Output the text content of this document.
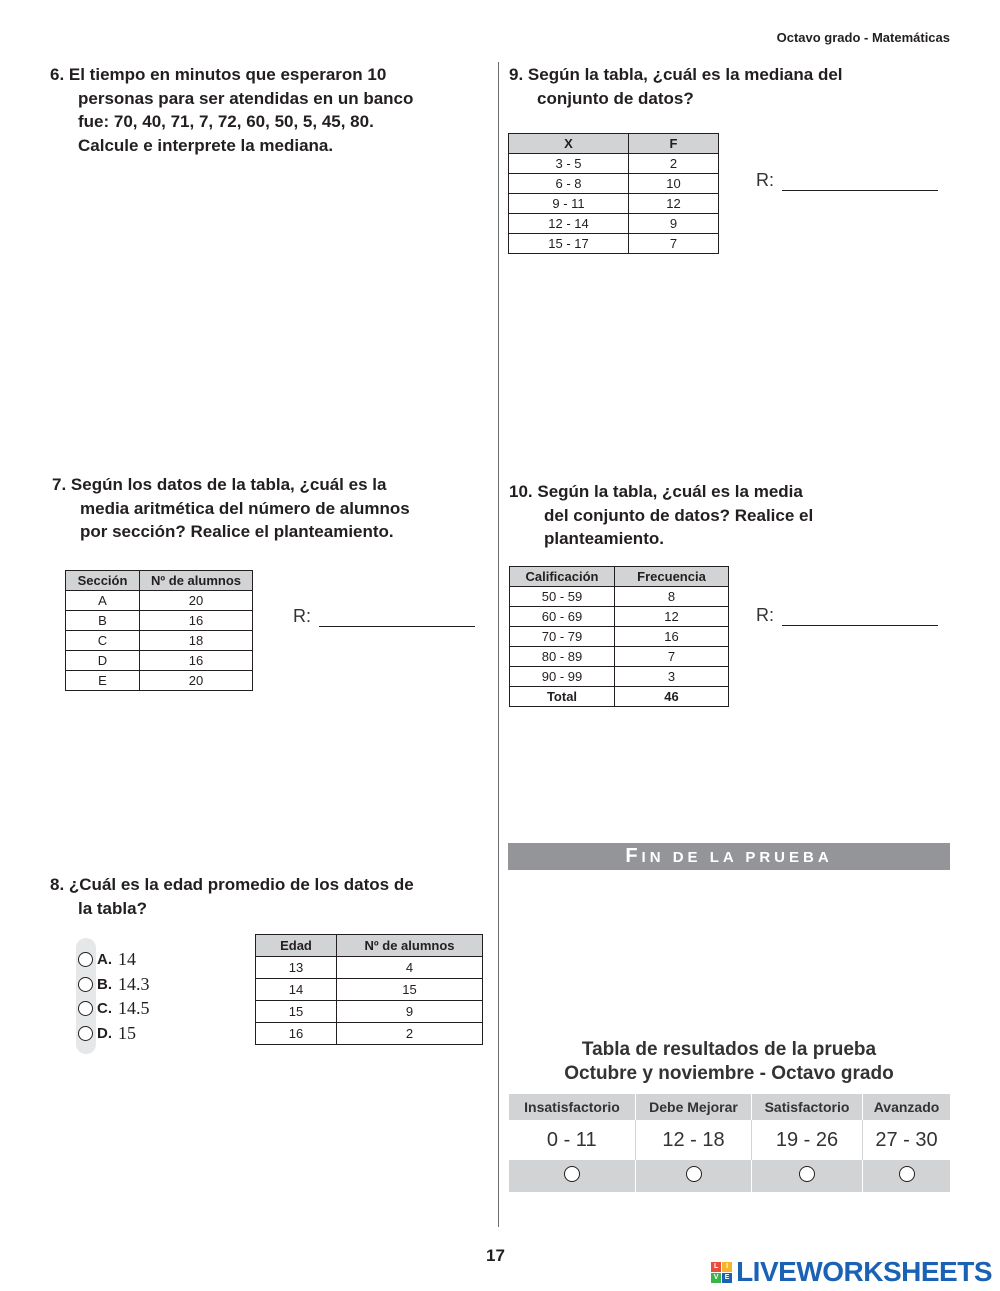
Octavo grado - Matemáticas
6. El tiempo en minutos que esperaron 10
personas para ser atendidas en un banco
fue: 70, 40, 71, 7, 72, 60, 50, 5, 45, 80.
Calcule e interprete la mediana.
9. Según la tabla, ¿cuál es la mediana del
conjunto de datos?
X	F
3 - 5	2
6 - 8	10
9 - 11	12
12 - 14	9
15 - 17	7
R:
7. Según los datos de la tabla, ¿cuál es la
media aritmética del número de alumnos
por sección? Realice el planteamiento.
Sección	Nº de alumnos
A	20
B	16
C	18
D	16
E	20
R:
10. Según la tabla, ¿cuál es la media
del conjunto de datos? Realice el
planteamiento.
Calificación	Frecuencia
50 - 59	8
60 - 69	12
70 - 79	16
80 - 89	7
90 - 99	3
Total	46
R:
FIN DE LA PRUEBA
8. ¿Cuál es la edad promedio de los datos de
la tabla?
A. 14
B. 14.3
C. 14.5
D. 15
Edad	Nº de alumnos
13	4
14	15
15	9
16	2
Tabla de resultados de la prueba
Octubre y noviembre - Octavo grado
Insatisfactorio	Debe Mejorar	Satisfactorio	Avanzado
0 - 11	12 - 18	19 - 26	27 - 30

17
L	I
V E LIVEWORKSHEETS
